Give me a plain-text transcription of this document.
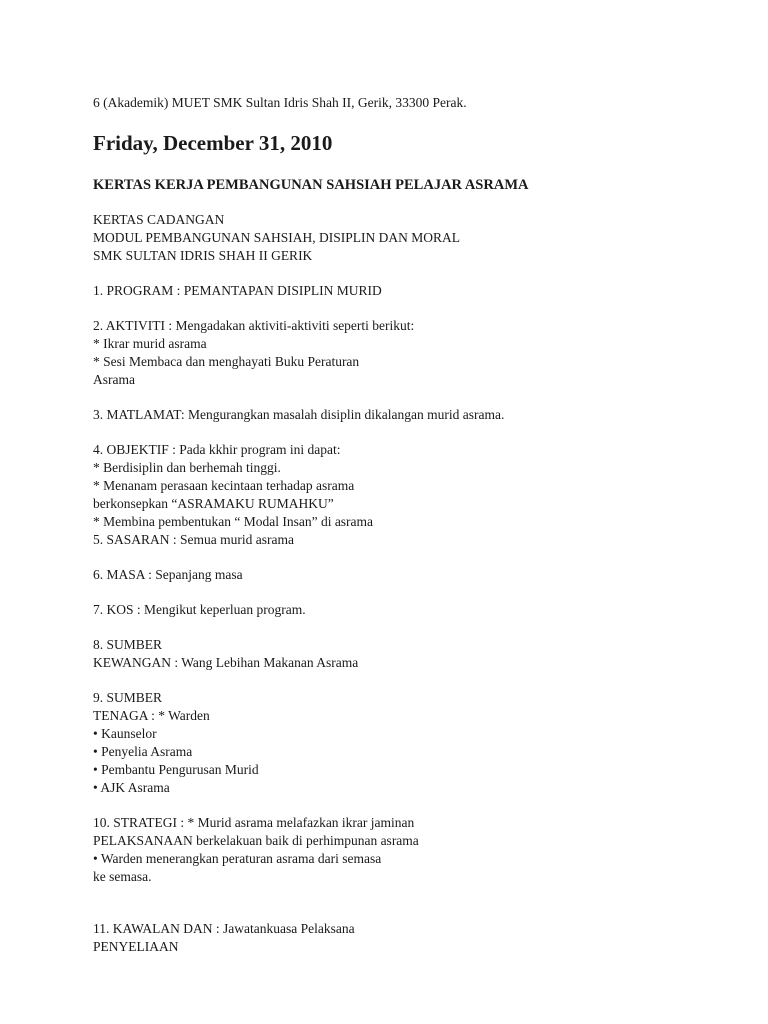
6 (Akademik) MUET SMK Sultan Idris Shah II, Gerik, 33300 Perak.

Friday, December 31, 2010
KERTAS KERJA PEMBANGUNAN SAHSIAH PELAJAR ASRAMA

KERTAS CADANGAN

MODUL PEMBANGUNAN SAHSIAH, DISIPLIN DAN MORAL

SMK SULTAN IDRIS SHAH II GERIK

1. PROGRAM : PEMANTAPAN DISIPLIN MURID

2. AKTIVITI : Mengadakan aktiviti-aktiviti seperti berikut:

* Ikrar murid asrama

* Sesi Membaca dan menghayati Buku Peraturan

Asrama

3. MATLAMAT: Mengurangkan masalah disiplin dikalangan murid asrama.

4. OBJEKTIF : Pada kkhir program ini dapat:

* Berdisiplin dan berhemah tinggi.

* Menanam perasaan kecintaan terhadap asrama

berkonsepkan “ASRAMAKU RUMAHKU”

* Membina pembentukan “ Modal Insan” di asrama

5. SASARAN : Semua murid asrama

6. MASA : Sepanjang masa

7. KOS : Mengikut keperluan program.

8. SUMBER

KEWANGAN : Wang Lebihan Makanan Asrama

9. SUMBER

TENAGA : * Warden

• Kaunselor

• Penyelia Asrama

• Pembantu Pengurusan Murid

• AJK Asrama

10. STRATEGI : * Murid asrama melafazkan ikrar jaminan

PELAKSANAAN berkelakuan baik di perhimpunan asrama

• Warden menerangkan peraturan asrama dari semasa

ke semasa.

11. KAWALAN DAN : Jawatankuasa Pelaksana

PENYELIAAN
